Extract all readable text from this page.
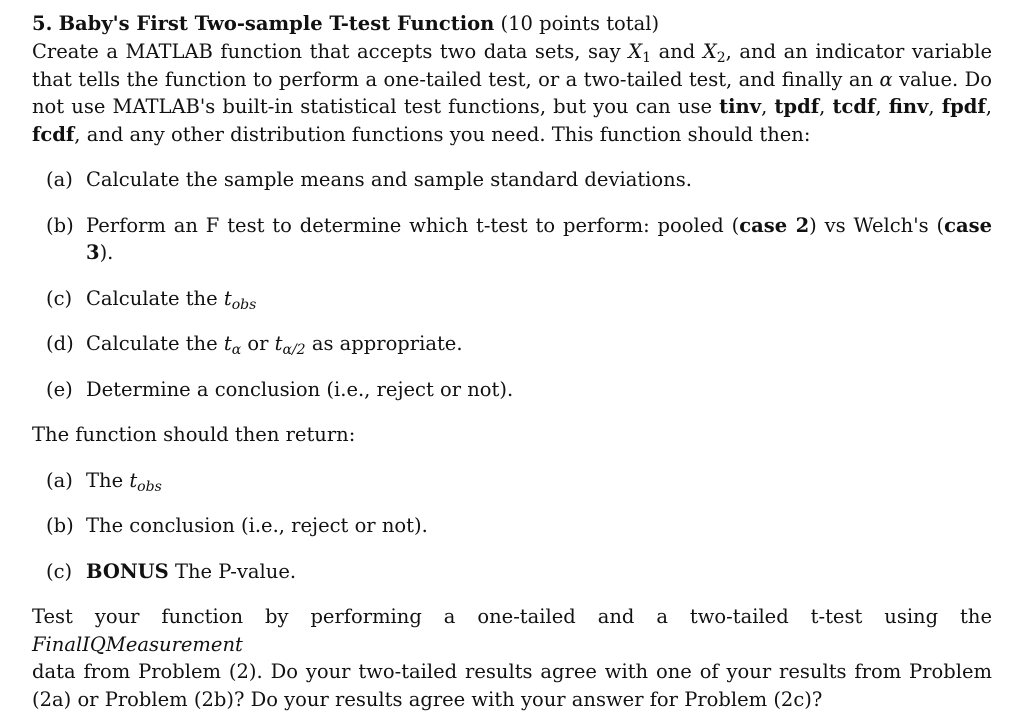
5. Baby's First Two-sample T-test Function (10 points total)
Create a MATLAB function that accepts two data sets, say $X_1$ and $X_2$, and an indicator variable
that tells the function to perform a one-tailed test, or a two-tailed test, and finally an α value. Do
not use MATLAB's built-in statistical test functions, but you can use tinv, tpdf, tcdf, finv, fpdf,
fcdf, and any other distribution functions you need. This function should then:
(a) Calculate the sample means and sample standard deviations.
(b) Perform an F test to determine which t-test to perform: pooled (case 2) vs Welch's (case
3).
(c) Calculate the $t_{obs}$
(d) Calculate the $t_\alpha$ or $t_{\alpha/2}$ as appropriate.
(e) Determine a conclusion (i.e., reject or not).
The function should then return:
(a) The $t_{obs}$
(b) The conclusion (i.e., reject or not).
(c) BONUS The P-value.
Test your function by performing a one-tailed and a two-tailed t-test using the FinalIQMeasurement
data from Problem (2). Do your two-tailed results agree with one of your results from Problem
(2a) or Problem (2b)? Do your results agree with your answer for Problem (2c)?
